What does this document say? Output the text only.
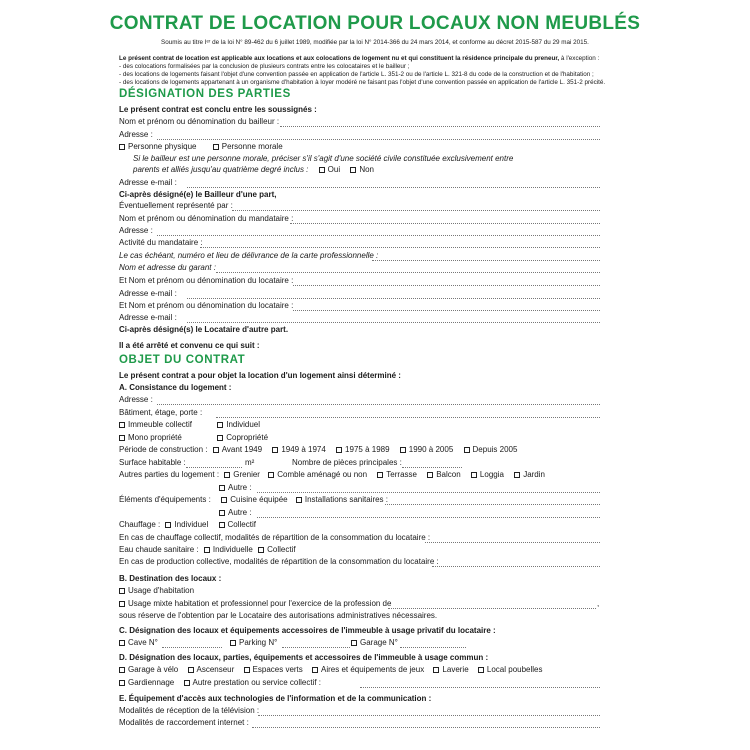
CONTRAT DE LOCATION POUR LOCAUX NON MEUBLÉS
Soumis au titre Iᵉʳ de la loi N° 89-462 du 6 juillet 1989, modifiée par la loi N° 2014-366 du 24 mars 2014, et conforme au décret 2015-587 du 29 mai 2015.
Le présent contrat de location est applicable aux locations et aux colocations de logement nu et qui constituent la résidence principale du preneur, à l'exception :
- des colocations formalisées par la conclusion de plusieurs contrats entre les colocataires et le bailleur ;
- des locations de logements faisant l'objet d'une convention passée en application de l'article L. 351-2 ou de l'article L. 321-8 du code de la construction et de l'habitation ;
- des locations de logements appartenant à un organisme d'habitation à loyer modéré ne faisant pas l'objet d'une convention passée en application de l'article L. 351-2 précité.
DÉSIGNATION DES PARTIES
Le présent contrat est conclu entre les soussignés :
Nom et prénom ou dénomination du bailleur :
Adresse :
Personne physique	Personne morale
Si le bailleur est une personne morale, préciser s'il s'agit d'une société civile constituée exclusivement entre
parents et alliés jusqu'au quatrième degré inclus : Oui Non
Adresse e-mail :
Ci-après désigné(e) le Bailleur d'une part,
Éventuellement représenté par :
Nom et prénom ou dénomination du mandataire :
Adresse :
Activité du mandataire :
Le cas échéant, numéro et lieu de délivrance de la carte professionnelle :
Nom et adresse du garant :
Et Nom et prénom ou dénomination du locataire :
Adresse e-mail :
Et Nom et prénom ou dénomination du locataire :
Adresse e-mail :
Ci-après désigné(s) le Locataire d'autre part.
Il a été arrêté et convenu ce qui suit :
OBJET DU CONTRAT
Le présent contrat a pour objet la location d'un logement ainsi déterminé :
A. Consistance du logement :
Adresse :
Bâtiment, étage, porte :
Immeuble collectif	Individuel
Mono propriété	Copropriété
Période de construction : Avant 1949 1949 à 1974 1975 à 1989 1990 à 2005 Depuis 2005
Surface habitable :	m²	Nombre de pièces principales :
Autres parties du logement : Grenier Comble aménagé ou non Terrasse Balcon Loggia Jardin
Autre :
Éléments d'équipements : Cuisine équipée Installations sanitaires :
Autre :
Chauffage : Individuel Collectif
En cas de chauffage collectif, modalités de répartition de la consommation du locataire :
Eau chaude sanitaire : Individuelle Collectif
En cas de production collective, modalités de répartition de la consommation du locataire :
B. Destination des locaux :
Usage d'habitation
Usage mixte habitation et professionnel pour l'exercice de la profession de	,
sous réserve de l'obtention par le Locataire des autorisations administratives nécessaires.
C. Désignation des locaux et équipements accessoires de l'immeuble à usage privatif du locataire :
Cave N°	Parking N°	Garage N°
D. Désignation des locaux, parties, équipements et accessoires de l'immeuble à usage commun :
Garage à vélo Ascenseur Espaces verts Aires et équipements de jeux Laverie Local poubelles
Gardiennage Autre prestation ou service collectif :
E. Équipement d'accès aux technologies de l'information et de la communication :
Modalités de réception de la télévision :
Modalités de raccordement internet :
